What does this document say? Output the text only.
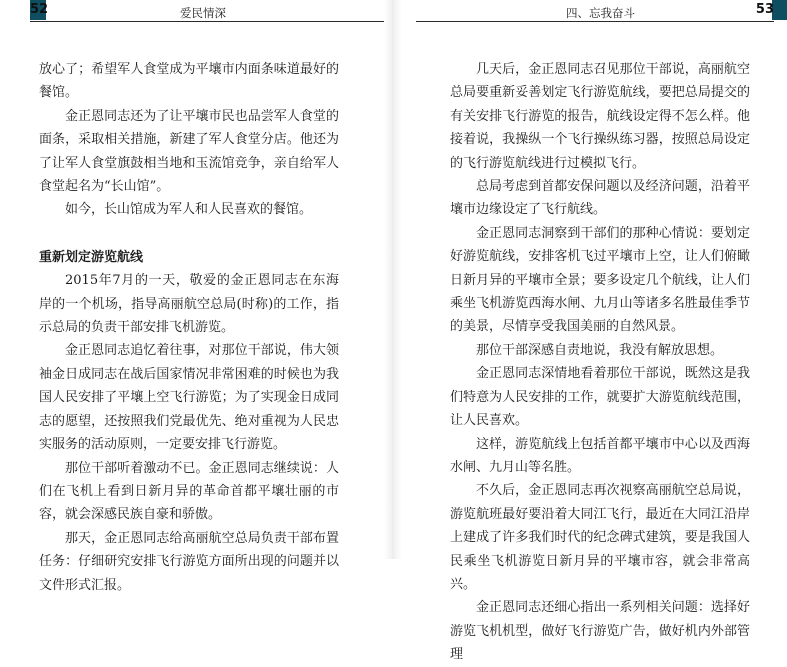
52	爱民情深

放心了；希望军人食堂成为平壤市内面条味道最好的餐馆。

金正恩同志还为了让平壤市民也品尝军人食堂的面条，采取相关措施，新建了军人食堂分店。他还为了让军人食堂旗鼓相当地和玉流馆竞争，亲自给军人食堂起名为“长山馆”。

如今，长山馆成为军人和人民喜欢的餐馆。

重新划定游览航线

2015年7月的一天，敬爱的金正恩同志在东海岸的一个机场，指导高丽航空总局(时称)的工作，指示总局的负责干部安排飞机游览。

金正恩同志追忆着往事，对那位干部说，伟大领袖金日成同志在战后国家情况非常困难的时候也为我国人民安排了平壤上空飞行游览；为了实现金日成同志的愿望，还按照我们党最优先、绝对重视为人民忠实服务的活动原则，一定要安排飞行游览。

那位干部听着激动不已。金正恩同志继续说：人们在飞机上看到日新月异的革命首都平壤壮丽的市容，就会深感民族自豪和骄傲。

那天，金正恩同志给高丽航空总局负责干部布置任务：仔细研究安排飞行游览方面所出现的问题并以文件形式汇报。

四、忘我奋斗	53

几天后，金正恩同志召见那位干部说，高丽航空总局要重新妥善划定飞行游览航线，要把总局提交的有关安排飞行游览的报告，航线设定得不怎么样。他接着说，我操纵一个飞行操纵练习器，按照总局设定的飞行游览航线进行过模拟飞行。

总局考虑到首都安保问题以及经济问题，沿着平壤市边缘设定了飞行航线。

金正恩同志洞察到干部们的那种心情说：要划定好游览航线，安排客机飞过平壤市上空，让人们俯瞰日新月异的平壤市全景；要多设定几个航线，让人们乘坐飞机游览西海水闸、九月山等诸多名胜最佳季节的美景，尽情享受我国美丽的自然风景。

那位干部深感自责地说，我没有解放思想。

金正恩同志深情地看着那位干部说，既然这是我们特意为人民安排的工作，就要扩大游览航线范围，让人民喜欢。

这样，游览航线上包括首都平壤市中心以及西海水闸、九月山等名胜。

不久后，金正恩同志再次视察高丽航空总局说，游览航班最好要沿着大同江飞行，最近在大同江沿岸上建成了许多我们时代的纪念碑式建筑，要是我国人民乘坐飞机游览日新月异的平壤市容，就会非常高兴。

金正恩同志还细心指出一系列相关问题：选择好游览飞机机型，做好飞行游览广告，做好机内外部管理
